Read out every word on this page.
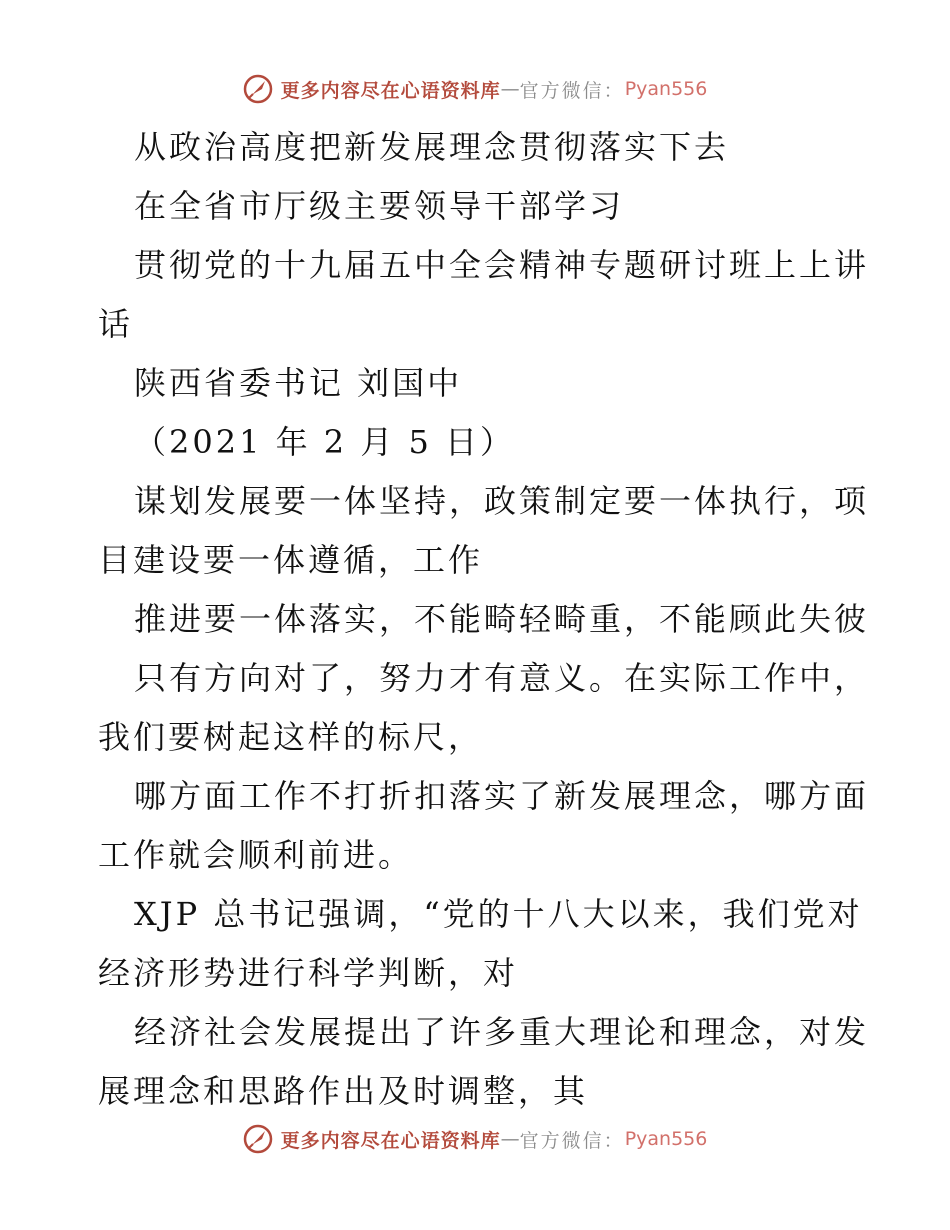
更多内容尽在心语资料库 — 官方微信： Pyan556

从政治高度把新发展理念贯彻落实下去

在全省市厅级主要领导干部学习

贯彻党的十九届五中全会精神专题研讨班上上讲

话

陕西省委书记 刘国中

（2021 年 2 月 5 日）

谋划发展要一体坚持，政策制定要一体执行，项

目建设要一体遵循，工作

推进要一体落实，不能畸轻畸重，不能顾此失彼

只有方向对了，努力才有意义。在实际工作中，

我们要树起这样的标尺，

哪方面工作不打折扣落实了新发展理念，哪方面

工作就会顺利前进。

XJP 总书记强调，“党的十八大以来，我们党对

经济形势进行科学判断，对

经济社会发展提出了许多重大理论和理念，对发

展理念和思路作出及时调整，其

更多内容尽在心语资料库 — 官方微信： Pyan556
